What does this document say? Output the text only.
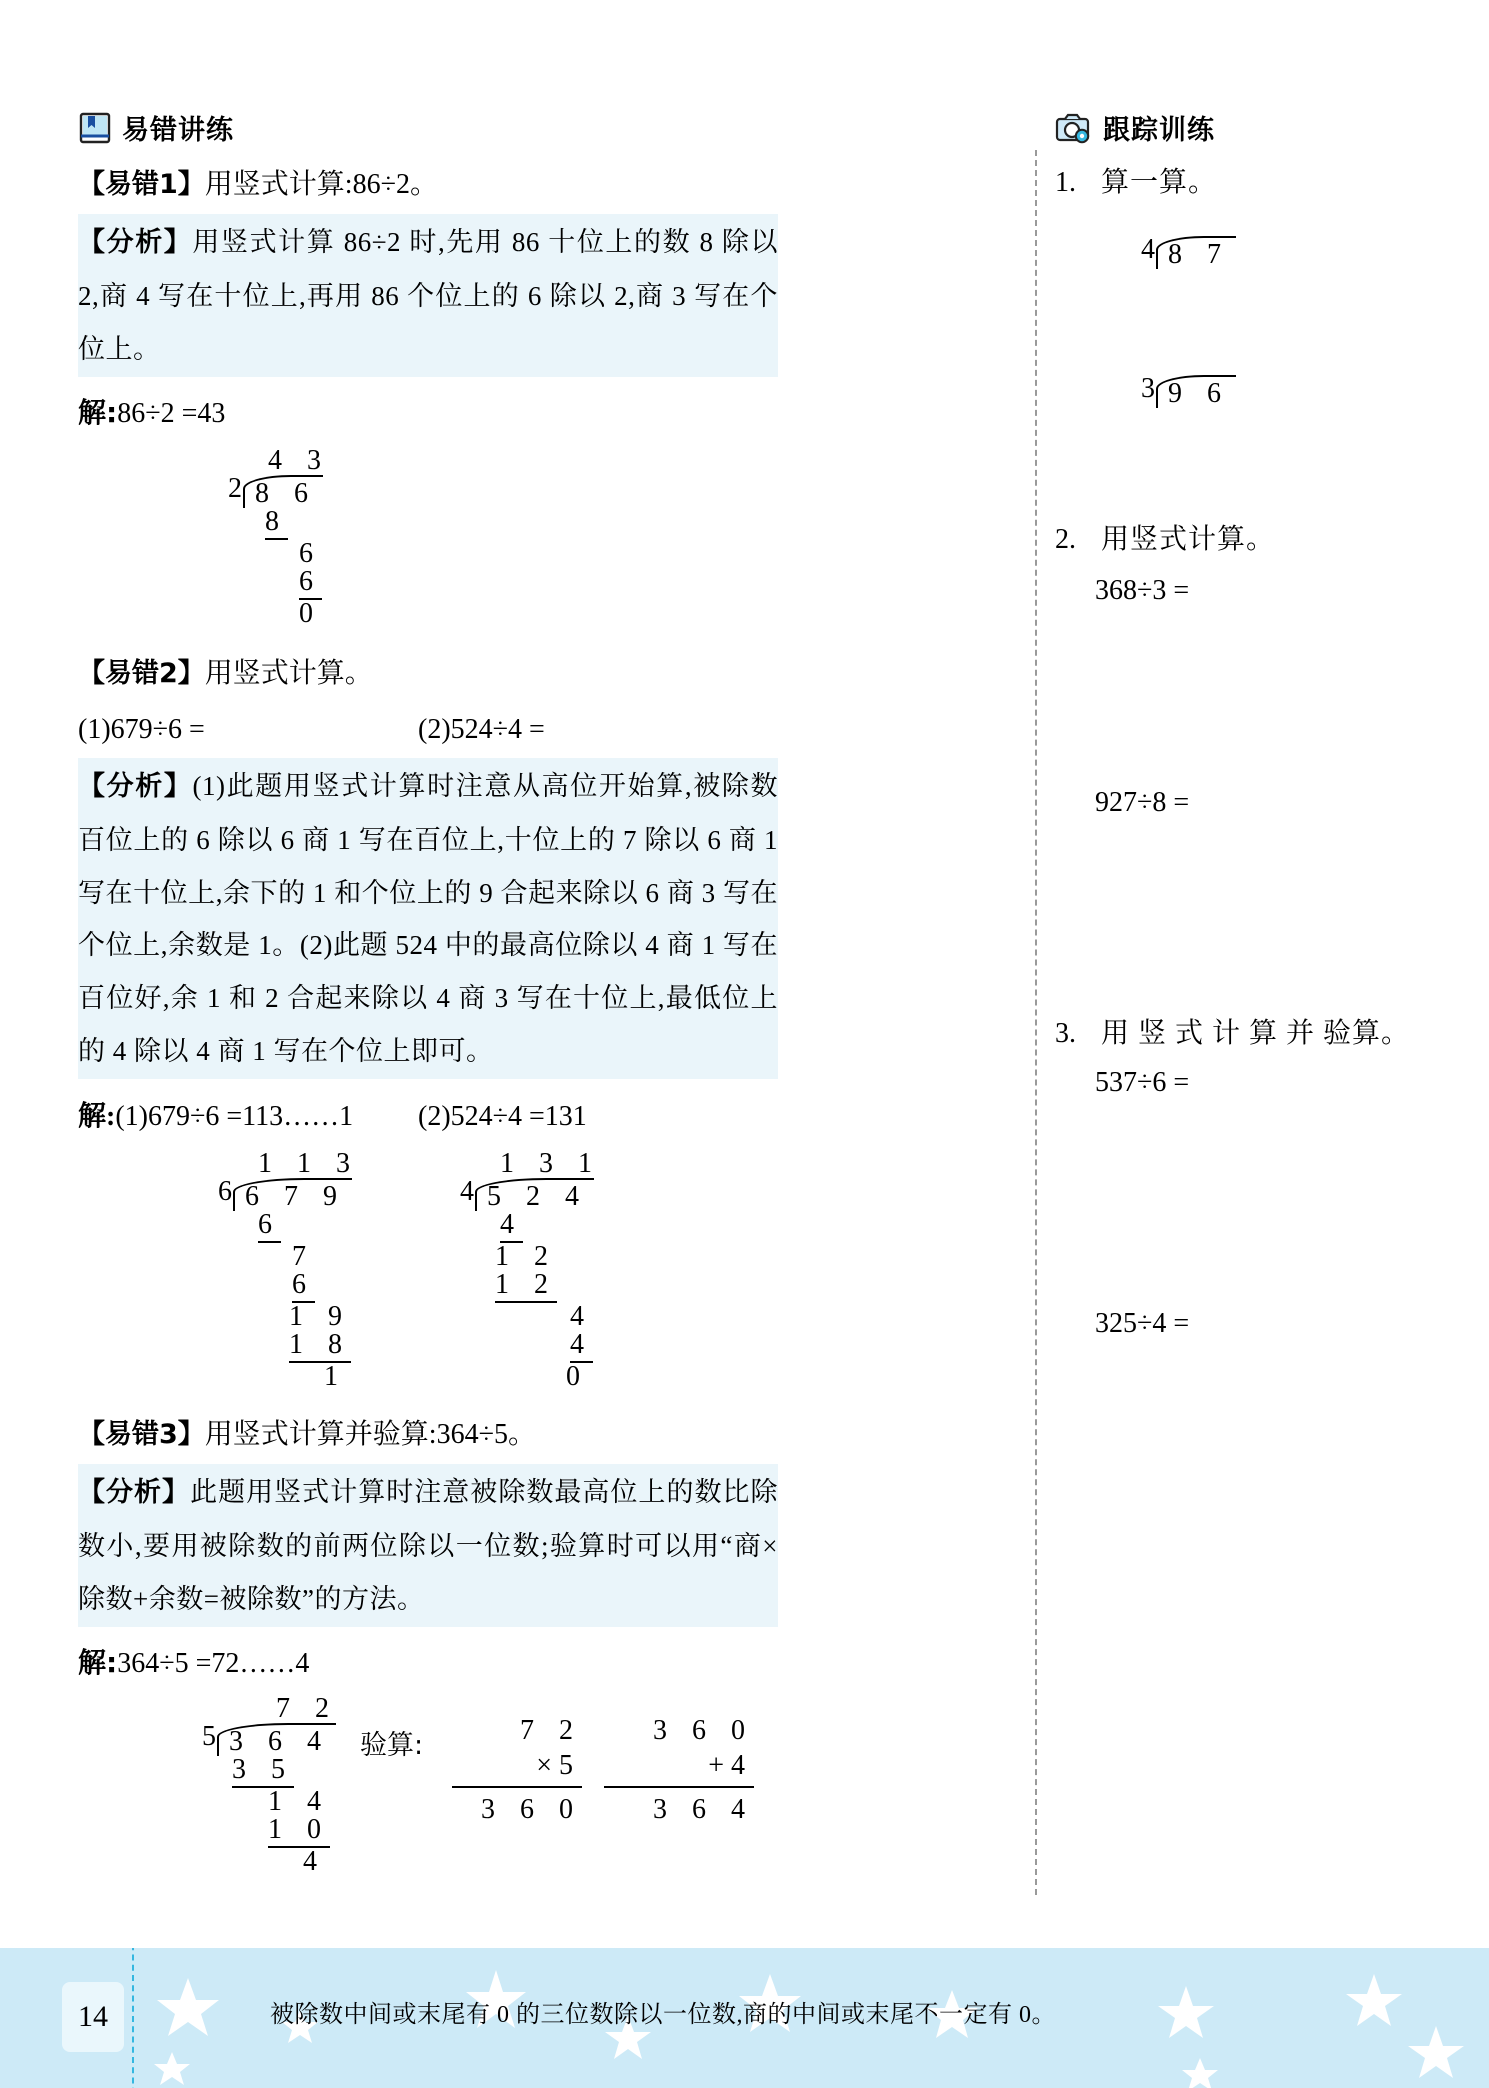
易错讲练
【易错1】用竖式计算:86÷2。
【分析】用竖式计算 86÷2 时,先用 86 十位上的数 8 除以 2,商 4 写在十位上,再用 86 个位上的 6 除以 2,商 3 写在个位上。
解:86÷2 =43
4 3
2 8 6
8
6
6
0
【易错2】用竖式计算。
(1)679÷6 =	(2)524÷4 =
【分析】(1)此题用竖式计算时注意从高位开始算,被除数百位上的 6 除以 6 商 1 写在百位上,十位上的 7 除以 6 商 1 写在十位上,余下的 1 和个位上的 9 合起来除以 6 商 3 写在个位上,余数是 1。(2)此题 524 中的最高位除以 4 商 1 写在百位好,余 1 和 2 合起来除以 4 商 3 写在十位上,最低位上的 4 除以 4 商 1 写在个位上即可。
解:(1)679÷6 =113……1	(2)524÷4 =131
1 1 3
6 6 7 9
6
7
6
1 9
1 8
1
1 3 1
4 5 2 4
4
1 2
1 2
4
4
0
【易错3】用竖式计算并验算:364÷5。
【分析】此题用竖式计算时注意被除数最高位上的数比除数小,要用被除数的前两位除以一位数;验算时可以用“商×除数+余数=被除数”的方法。
解:364÷5 =72……4
7 2
5 3 6 4
3 5
1 4
1 0
4
验算:	7 2
× 5
3 6 0
3 6 0
+ 4
3 6 4
跟踪训练
1. 算一算。
4 8 7
3 9 6
2. 用竖式计算。
368÷3 =
927÷8 =
3. 用 竖 式 计 算 并 验算。
537÷6 =
325÷4 =
14	被除数中间或末尾有 0 的三位数除以一位数,商的中间或末尾不一定有 0。
